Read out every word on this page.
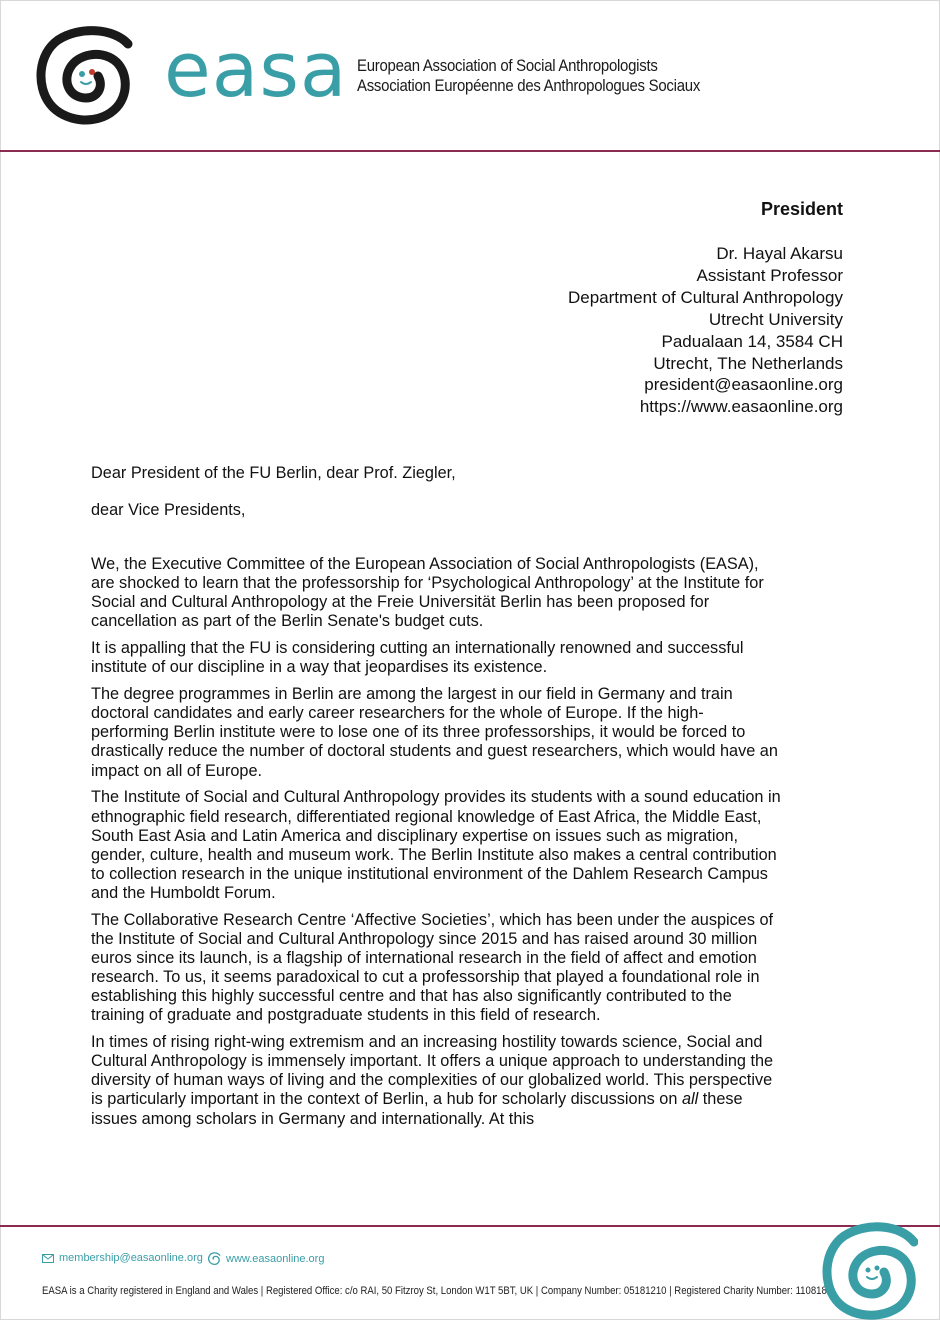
easa European Association of Social Anthropologists
Association Européenne des Anthropologues Sociaux
President
Dr. Hayal Akarsu
Assistant Professor
Department of Cultural Anthropology
Utrecht University
Padualaan 14, 3584 CH
Utrecht, The Netherlands
president@easaonline.org
https://www.easaonline.org
Dear President of the FU Berlin, dear Prof. Ziegler,
dear Vice Presidents,

We, the Executive Committee of the European Association of Social Anthropologists (EASA), are shocked to learn that the professorship for ‘Psychological Anthropology’ at the Institute for Social and Cultural Anthropology at the Freie Universität Berlin has been proposed for cancellation as part of the Berlin Senate's budget cuts.

It is appalling that the FU is considering cutting an internationally renowned and successful institute of our discipline in a way that jeopardises its existence.

The degree programmes in Berlin are among the largest in our field in Germany and train doctoral candidates and early career researchers for the whole of Europe. If the high-performing Berlin institute were to lose one of its three professorships, it would be forced to drastically reduce the number of doctoral students and guest researchers, which would have an impact on all of Europe.

The Institute of Social and Cultural Anthropology provides its students with a sound education in ethnographic field research, differentiated regional knowledge of East Africa, the Middle East, South East Asia and Latin America and disciplinary expertise on issues such as migration, gender, culture, health and museum work. The Berlin Institute also makes a central contribution to collection research in the unique institutional environment of the Dahlem Research Campus and the Humboldt Forum.

The Collaborative Research Centre ‘Affective Societies’, which has been under the auspices of the Institute of Social and Cultural Anthropology since 2015 and has raised around 30 million euros since its launch, is a flagship of international research in the field of affect and emotion research. To us, it seems paradoxical to cut a professorship that played a foundational role in establishing this highly successful centre and that has also significantly contributed to the training of graduate and postgraduate students in this field of research.

In times of rising right-wing extremism and an increasing hostility towards science, Social and Cultural Anthropology is immensely important. It offers a unique approach to understanding the diversity of human ways of living and the complexities of our globalized world. This perspective is particularly important in the context of Berlin, a hub for scholarly discussions on all these issues among scholars in Germany and internationally. At this

membership@easaonline.org www.easaonline.org
EASA is a Charity registered in England and Wales | Registered Office: c/o RAI, 50 Fitzroy St, London W1T 5BT, UK | Company Number: 05181210 | Registered Charity Number: 1108186
